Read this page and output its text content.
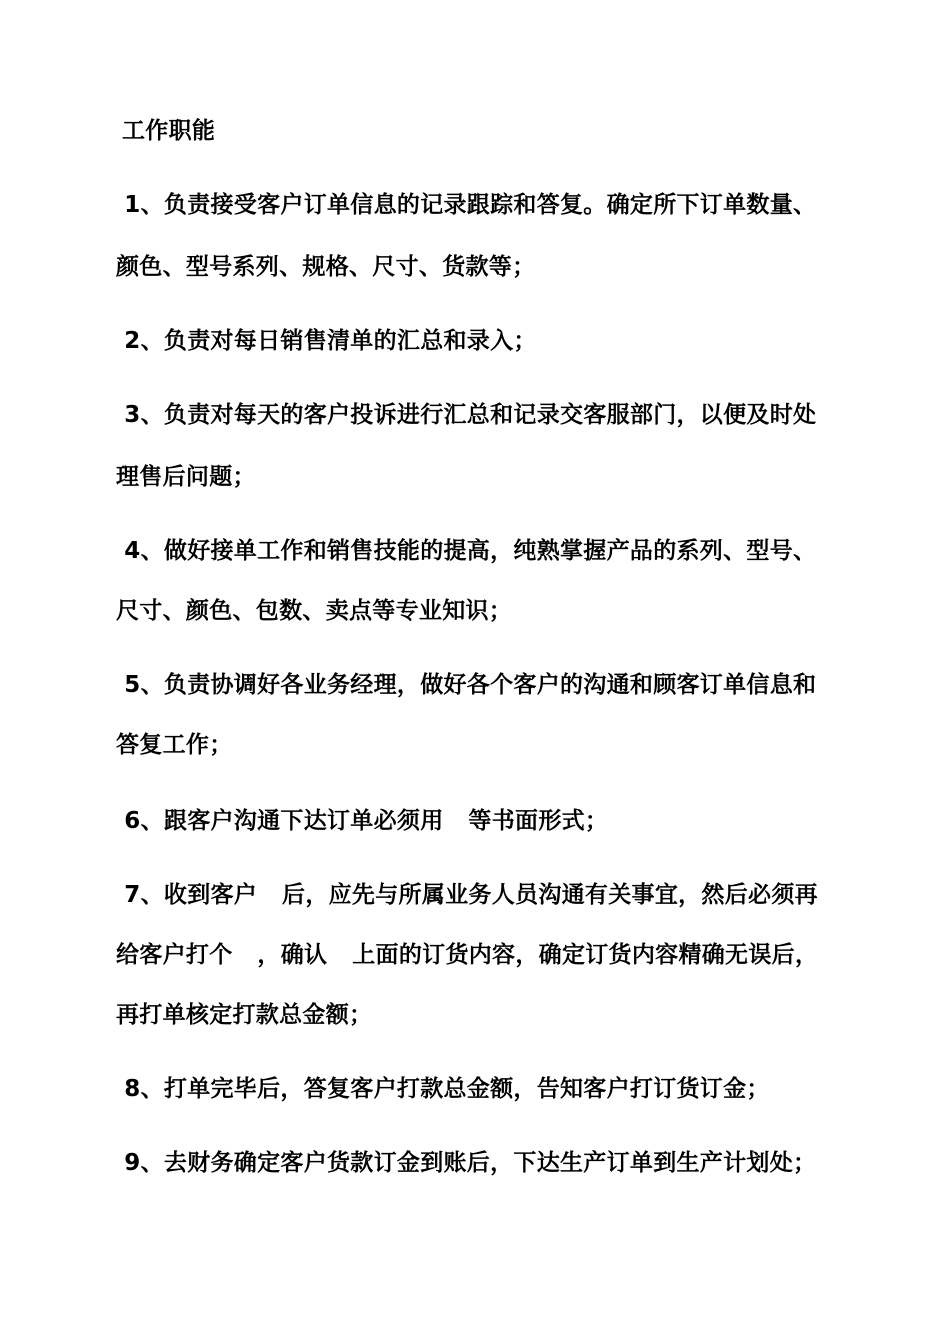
工作职能
1、负责接受客户订单信息的记录跟踪和答复。确定所下订单数量、
颜色、型号系列、规格、尺寸、货款等；
2、负责对每日销售清单的汇总和录入；
3、负责对每天的客户投诉进行汇总和记录交客服部门，以便及时处
理售后问题；
4、做好接单工作和销售技能的提高，纯熟掌握产品的系列、型号、
尺寸、颜色、包数、卖点等专业知识；
5、负责协调好各业务经理，做好各个客户的沟通和顾客订单信息和
答复工作；
6、跟客户沟通下达订单必须用   等书面形式；
7、收到客户   后，应先与所属业务人员沟通有关事宜，然后必须再
给客户打个   ，确认   上面的订货内容，确定订货内容精确无误后，
再打单核定打款总金额；
8、打单完毕后，答复客户打款总金额，告知客户打订货订金；
9、去财务确定客户货款订金到账后，下达生产订单到生产计划处；
